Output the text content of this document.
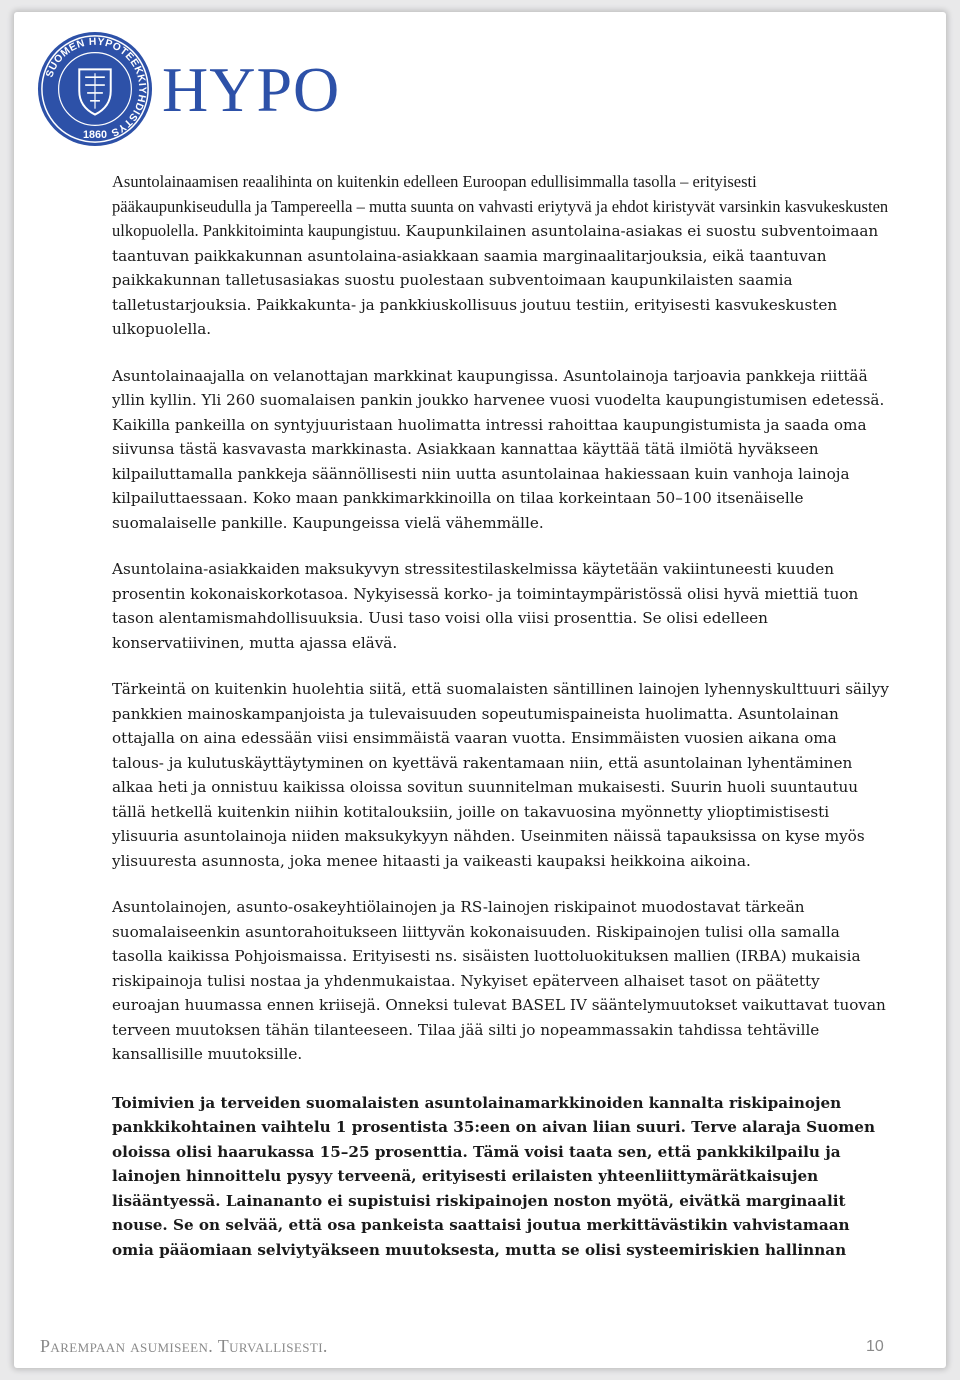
SUOMEN HYPOTEEKKIYHDISTYS
1860
HYPO

Asuntolainaamisen reaalihinta on kuitenkin edelleen Euroopan edullisimmalla tasolla – erityisesti pääkaupunkiseudulla ja Tampereella – mutta suunta on vahvasti eriytyvä ja ehdot kiristyvät varsinkin kasvukeskusten ulkopuolella. Pankkitoiminta kaupungistuu. Kaupunkilainen asuntolaina-asiakas ei suostu subventoimaan taantuvan paikkakunnan asuntolaina-asiakkaan saamia marginaalitarjouksia, eikä taantuvan paikkakunnan talletusasiakas suostu puolestaan subventoimaan kaupunkilaisten saamia talletustarjouksia. Paikkakunta- ja pankkiuskollisuus joutuu testiin, erityisesti kasvukeskusten ulkopuolella.

Asuntolainaajalla on velanottajan markkinat kaupungissa. Asuntolainoja tarjoavia pankkeja riittää yllin kyllin. Yli 260 suomalaisen pankin joukko harvenee vuosi vuodelta kaupungistumisen edetessä. Kaikilla pankeilla on syntyjuuristaan huolimatta intressi rahoittaa kaupungistumista ja saada oma siivunsa tästä kasvavasta markkinasta. Asiakkaan kannattaa käyttää tätä ilmiötä hyväkseen kilpailuttamalla pankkeja säännöllisesti niin uutta asuntolainaa hakiessaan kuin vanhoja lainoja kilpailuttaessaan. Koko maan pankkimarkkinoilla on tilaa korkeintaan 50–100 itsenäiselle suomalaiselle pankille. Kaupungeissa vielä vähemmälle.

Asuntolaina-asiakkaiden maksukyvyn stressitestilaskelmissa käytetään vakiintuneesti kuuden prosentin kokonaiskorkotasoa. Nykyisessä korko- ja toimintaympäristössä olisi hyvä miettiä tuon tason alentamismahdollisuuksia. Uusi taso voisi olla viisi prosenttia. Se olisi edelleen konservatiivinen, mutta ajassa elävä.

Tärkeintä on kuitenkin huolehtia siitä, että suomalaisten säntillinen lainojen lyhennyskulttuuri säilyy pankkien mainoskampanjoista ja tulevaisuuden sopeutumispaineista huolimatta. Asuntolainan ottajalla on aina edessään viisi ensimmäistä vaaran vuotta. Ensimmäisten vuosien aikana oma talous- ja kulutuskäyttäytyminen on kyettävä rakentamaan niin, että asuntolainan lyhentäminen alkaa heti ja onnistuu kaikissa oloissa sovitun suunnitelman mukaisesti. Suurin huoli suuntautuu tällä hetkellä kuitenkin niihin kotitalouksiin, joille on takavuosina myönnetty ylioptimistisesti ylisuuria asuntolainoja niiden maksukykyyn nähden. Useinmiten näissä tapauksissa on kyse myös ylisuuresta asunnosta, joka menee hitaasti ja vaikeasti kaupaksi heikkoina aikoina.

Asuntolainojen, asunto-osakeyhtiölainojen ja RS-lainojen riskipainot muodostavat tärkeän suomalaiseenkin asuntorahoitukseen liittyvän kokonaisuuden. Riskipainojen tulisi olla samalla tasolla kaikissa Pohjoismaissa. Erityisesti ns. sisäisten luottoluokituksen mallien (IRBA) mukaisia riskipainoja tulisi nostaa ja yhdenmukaistaa. Nykyiset epäterveen alhaiset tasot on päätetty euroajan huumassa ennen kriisejä. Onneksi tulevat BASEL IV sääntelymuutokset vaikuttavat tuovan terveen muutoksen tähän tilanteeseen. Tilaa jää silti jo nopeammassakin tahdissa tehtäville kansallisille muutoksille.

Toimivien ja terveiden suomalaisten asuntolainamarkkinoiden kannalta riskipainojen pankkikohtainen vaihtelu 1 prosentista 35:een on aivan liian suuri. Terve alaraja Suomen oloissa olisi haarukassa 15–25 prosenttia. Tämä voisi taata sen, että pankkikilpailu ja lainojen hinnoittelu pysyy terveenä, erityisesti erilaisten yhteenliittymärätkaisujen lisääntyessä. Lainananto ei supistuisi riskipainojen noston myötä, eivätkä marginaalit nouse. Se on selvää, että osa pankeista saattaisi joutua merkittävästikin vahvistamaan omia pääomiaan selviytyäkseen muutoksesta, mutta se olisi systeemiriskien hallinnan

Parempaan asumiseen. Turvallisesti.	10
